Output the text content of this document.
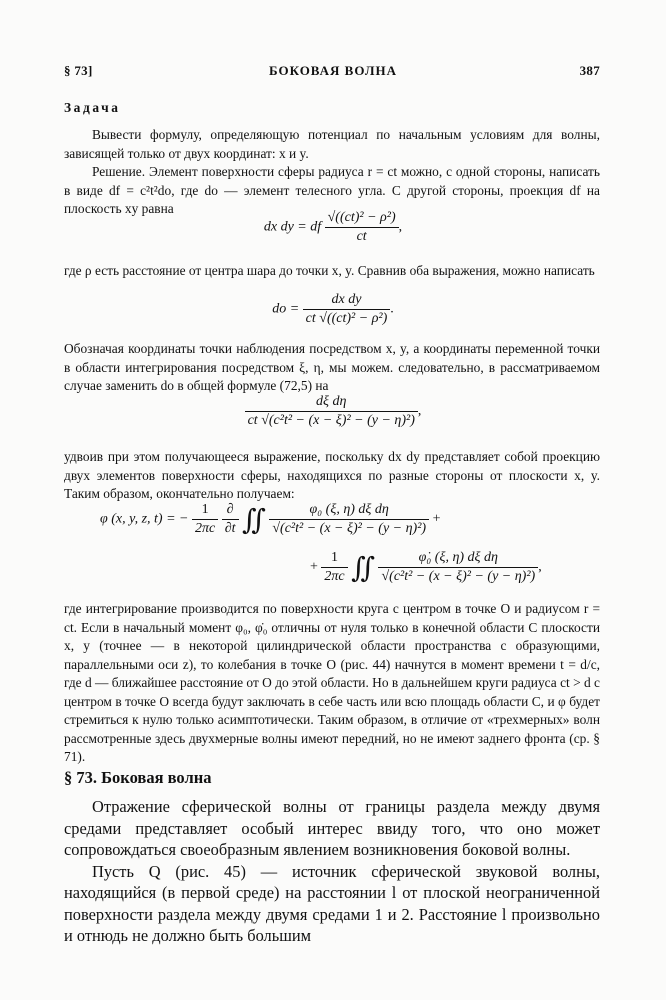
§ 73]	БОКОВАЯ ВОЛНА	387
Задача

Вывести формулу, определяющую потенциал по начальным условиям для волны, зависящей только от двух координат: x и y.

Решение. Элемент поверхности сферы радиуса r = ct можно, с одной стороны, написать в виде df = c²t²do, где do — элемент телесного угла. С другой стороны, проекция df на плоскость xy равна

dx dy = df $\frac{\text{√((ct)² − ρ²)}}{ct}$ ,

где ρ есть расстояние от центра шара до точки x, y. Сравнив оба выражения, можно написать

do = $\frac{\text{dx dy}}{\text{ct √((ct)² − ρ²)}}$ .

Обозначая координаты точки наблюдения посредством x, y, а координаты переменной точки в области интегрирования посредством ξ, η, мы можем. следовательно, в рассматриваемом случае заменить do в общей формуле (72,5) на

$\frac{\text{dξ dη}}{\text{ct √(c²t² − (x − ξ)² − (y − η)²)}}$ ,

удвоив при этом получающееся выражение, поскольку dx dy представляет собой проекцию двух элементов поверхности сферы, находящихся по разные стороны от плоскости x, y. Таким образом, окончательно получаем:

φ (x, y, z, t) = − $\frac{1}{2\pi c}$
$\frac{\partial}{\partial t}$ ∬ $\frac{\text{φ₀ (ξ, η) dξ dη}}{\text{√(c²t² − (x − ξ)² − (y − η)²)}}$ +
+ $\frac{1}{2\pi c}$ ∬ $\frac{\text{φ̇₀ (ξ, η) dξ dη}}{\text{√(c²t² − (x − ξ)² − (y − η)²)}}$ ,

где интегрирование производится по поверхности круга с центром в точке O и радиусом r = ct. Если в начальный момент φ₀, φ̇₀ отличны от нуля только в конечной области C плоскости x, y (точнее — в некоторой цилиндрической области пространства с образующими, параллельными оси z), то колебания в точке O (рис. 44) начнутся в момент времени t = d/c, где d — ближайшее расстояние от O до этой области. Но в дальнейшем круги радиуса ct > d с центром в точке O всегда будут заключать в себе часть или всю площадь области C, и φ будет стремиться к нулю только асимптотически. Таким образом, в отличие от «трехмерных» волн рассмотренные здесь двухмерные волны имеют передний, но не имеют заднего фронта (ср. § 71).

§ 73. Боковая волна

Отражение сферической волны от границы раздела между двумя средами представляет особый интерес ввиду того, что оно может сопровождаться своеобразным явлением возникновения боковой волны.

Пусть Q (рис. 45) — источник сферической звуковой волны, находящийся (в первой среде) на расстоянии l от плоской неограниченной поверхности раздела между двумя средами 1 и 2. Расстояние l произвольно и отнюдь не должно быть большим
